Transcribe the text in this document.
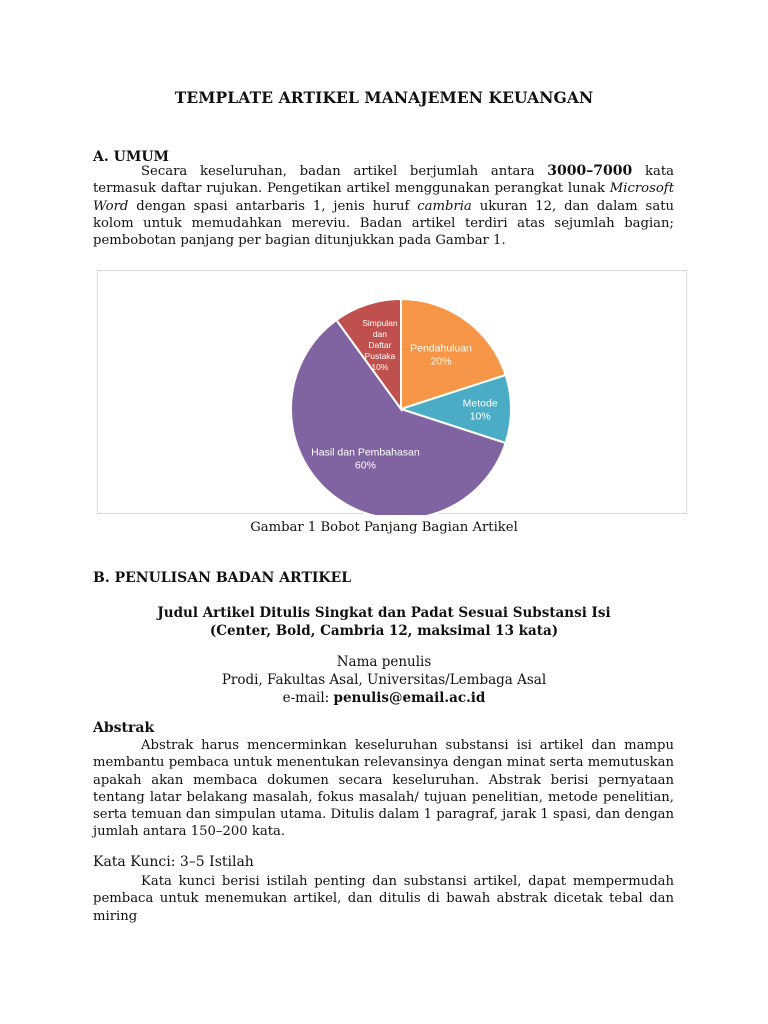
TEMPLATE ARTIKEL MANAJEMEN KEUANGAN
A. UMUM

Secara keseluruhan, badan artikel berjumlah antara 3000–7000 kata termasuk daftar rujukan. Pengetikan artikel menggunakan perangkat lunak Microsoft Word dengan spasi antarbaris 1, jenis huruf cambria ukuran 12, dan dalam satu kolom untuk memudahkan mereviu. Badan artikel terdiri atas sejumlah bagian; pembobotan panjang per bagian ditunjukkan pada Gambar 1.

Pendahuluan 20%
Metode 10%
Hasil dan Pembahasan 60%
Simpulan dan Daftar Pustaka 10%
Gambar 1 Bobot Panjang Bagian Artikel
B. PENULISAN BADAN ARTIKEL
Judul Artikel Ditulis Singkat dan Padat Sesuai Substansi Isi
(Center, Bold, Cambria 12, maksimal 13 kata)
Nama penulis
Prodi, Fakultas Asal, Universitas/Lembaga Asal
e-mail: penulis@email.ac.id
Abstrak

Abstrak harus mencerminkan keseluruhan substansi isi artikel dan mampu membantu pembaca untuk menentukan relevansinya dengan minat serta memutuskan apakah akan membaca dokumen secara keseluruhan. Abstrak berisi pernyataan tentang latar belakang masalah, fokus masalah/ tujuan penelitian, metode penelitian, serta temuan dan simpulan utama. Ditulis dalam 1 paragraf, jarak 1 spasi, dan dengan jumlah antara 150–200 kata.

Kata Kunci: 3–5 Istilah

Kata kunci berisi istilah penting dan substansi artikel, dapat mempermudah pembaca untuk menemukan artikel, dan ditulis di bawah abstrak dicetak tebal dan miring
